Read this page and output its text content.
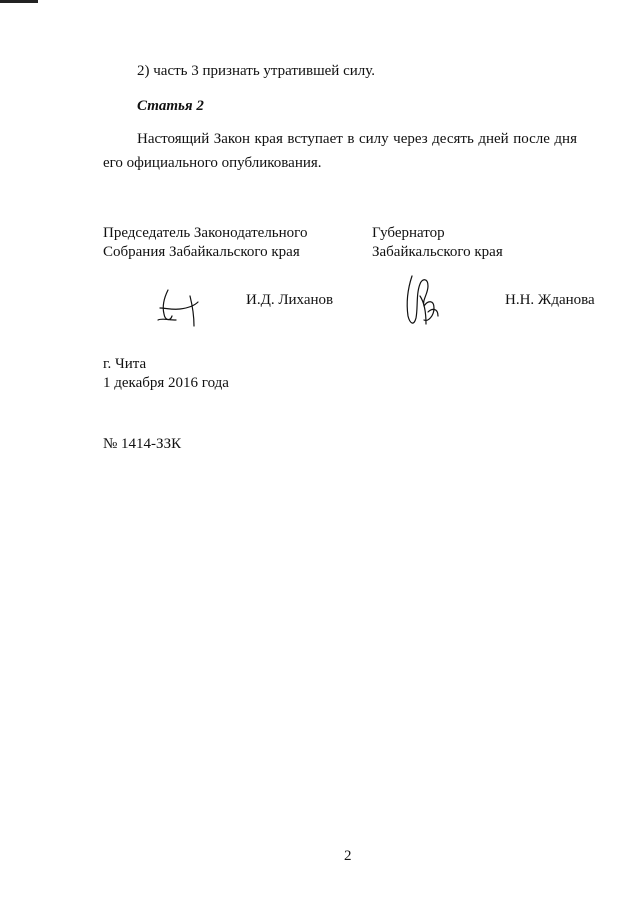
2) часть 3 признать утратившей силу.
Статья 2
Настоящий Закон края вступает в силу через десять дней после дня его официального опубликования.
Председатель Законодательного
Собрания Забайкальского края
Губернатор
Забайкальского края
И.Д. Лиханов	Н.Н. Жданова
г. Чита
1 декабря 2016 года
№ 1414-ЗЗК
2
